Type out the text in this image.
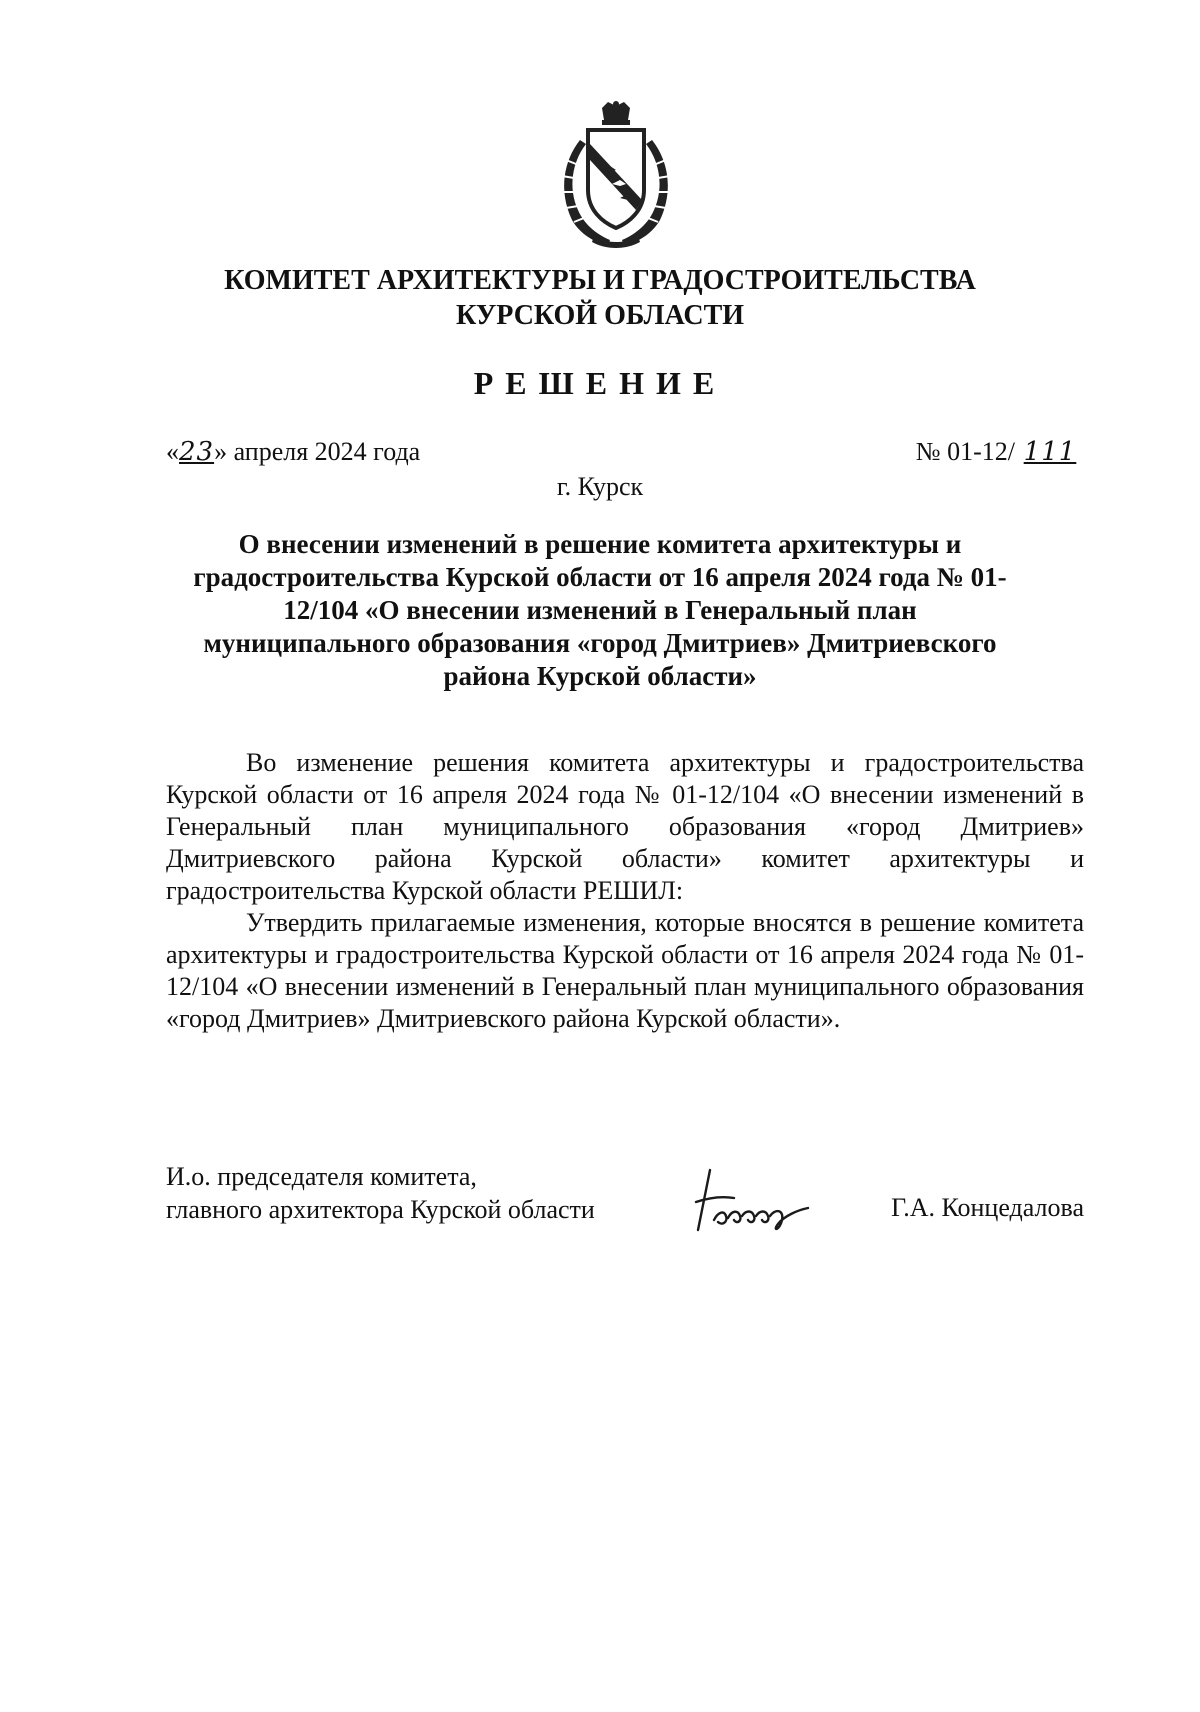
КОМИТЕТ АРХИТЕКТУРЫ И ГРАДОСТРОИТЕЛЬСТВА
КУРСКОЙ ОБЛАСТИ
РЕШЕНИЕ
«23» апреля 2024 года	№ 01-12/ 111
г. Курск
О внесении изменений в решение комитета архитектуры и градостроительства Курской области от 16 апреля 2024 года № 01-12/104 «О внесении изменений в Генеральный план муниципального образования «город Дмитриев» Дмитриевского района Курской области»

Во изменение решения комитета архитектуры и градостроительства Курской области от 16 апреля 2024 года № 01-12/104 «О внесении изменений в Генеральный план муниципального образования «город Дмитриев» Дмитриевского района Курской области» комитет архитектуры и градостроительства Курской области РЕШИЛ:

Утвердить прилагаемые изменения, которые вносятся в решение комитета архитектуры и градостроительства Курской области от 16 апреля 2024 года № 01-12/104 «О внесении изменений в Генеральный план муниципального образования «город Дмитриев» Дмитриевского района Курской области».

И.о. председателя комитета,
главного архитектора Курской области	Г.А. Концедалова
